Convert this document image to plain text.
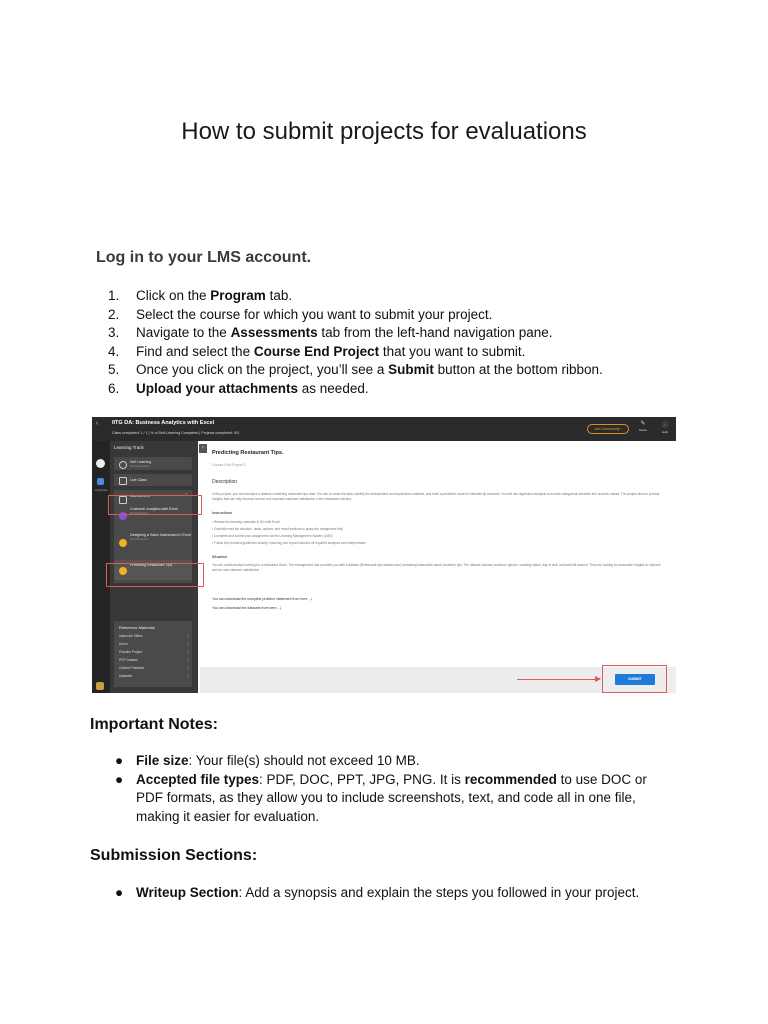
How to submit projects for evaluations
Log in to your LMS account.
1. Click on the Program tab.
2. Select the course for which you want to submit your project.
3. Navigate to the Assessments tab from the left-hand navigation pane.
4. Find and select the Course End Project that you want to submit.
5. Once you click on the project, you’ll see a Submit button at the bottom ribbon.
6. Upload your attachments as needed.
‹ IITG DA: Business Analytics with Excel
Class completed: 1 / 1 | % of Self-Learning Completed | Projects completed: 0/3
Join Community ›
✎
Notes
ⓘ
Help
Certificate
‹
Learning Track
Self Learning
Not Completed
Live Class
Assessment	⌃
Customer Analytics with Excel
Not Attempted
Designing a Sales Dashboard in Excel
Not Attempted
Predicting Restaurant Tips
Reference Materials
Instructor Slides	⤓
Demo	⤓
Practice Project	⤓
PDF Dataset	⤓
Guided Practices	⤓
Datasets	⤓
Predicting Restaurant Tips.
Course-End Project 3
Description
In this project, you must analyze a dataset containing restaurant tips data. You aim to clean the data, identify the independent and dependent variables, and build a predictive model to estimate tip amounts. You will use regression analysis to encode categorical variables into numeric values. The project aims to provide insights that can help improve service and increase customer satisfaction in the restaurant industry.
Instructions
• Review the learning materials in IEx with Excel
• Carefully read the situation, tasks, actions, and result sections to grasp the assignment fully
• Complete and submit your assignment via the Learning Management System (LMS)
• Follow the provided guidelines closely, ensuring your report includes all required analyses and interpretation
Situation
You are a data analyst working for a restaurant chain. The management has provided you with a dataset (Restaurant tips dataset.xlsx) containing information about customer tips. The dataset includes customer gender, smoking status, day of visit, and total bill amount. They are looking for actionable insights to improve service and customer satisfaction.
You can download the complete problem statement from here - ⤓
You can download the datasets from here - ⤓
SUBMIT
Important Notes:
● File size: Your file(s) should not exceed 10 MB.
● Accepted file types: PDF, DOC, PPT, JPG, PNG. It is recommended to use DOC or PDF formats, as they allow you to include screenshots, text, and code all in one file, making it easier for evaluation.
Submission Sections:
● Writeup Section: Add a synopsis and explain the steps you followed in your project.
